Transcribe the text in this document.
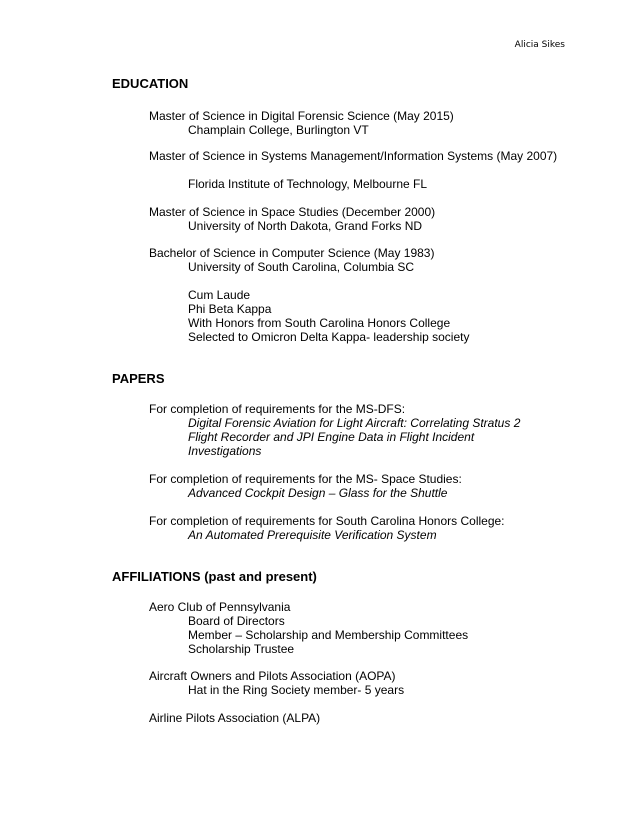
Alicia Sikes
EDUCATION
Master of Science in Digital Forensic Science (May 2015)
Champlain College, Burlington VT
Master of Science in Systems Management/Information Systems (May 2007)
Florida Institute of Technology, Melbourne FL
Master of Science in Space Studies (December 2000)
University of North Dakota, Grand Forks ND
Bachelor of Science in Computer Science (May 1983)
University of South Carolina, Columbia SC
Cum Laude
Phi Beta Kappa
With Honors from South Carolina Honors College
Selected to Omicron Delta Kappa- leadership society
PAPERS
For completion of requirements for the MS-DFS:
Digital Forensic Aviation for Light Aircraft: Correlating Stratus 2
Flight Recorder and JPI Engine Data in Flight Incident
Investigations
For completion of requirements for the MS- Space Studies:
Advanced Cockpit Design – Glass for the Shuttle
For completion of requirements for South Carolina Honors College:
An Automated Prerequisite Verification System
AFFILIATIONS (past and present)
Aero Club of Pennsylvania
Board of Directors
Member – Scholarship and Membership Committees
Scholarship Trustee
Aircraft Owners and Pilots Association (AOPA)
Hat in the Ring Society member- 5 years
Airline Pilots Association (ALPA)
